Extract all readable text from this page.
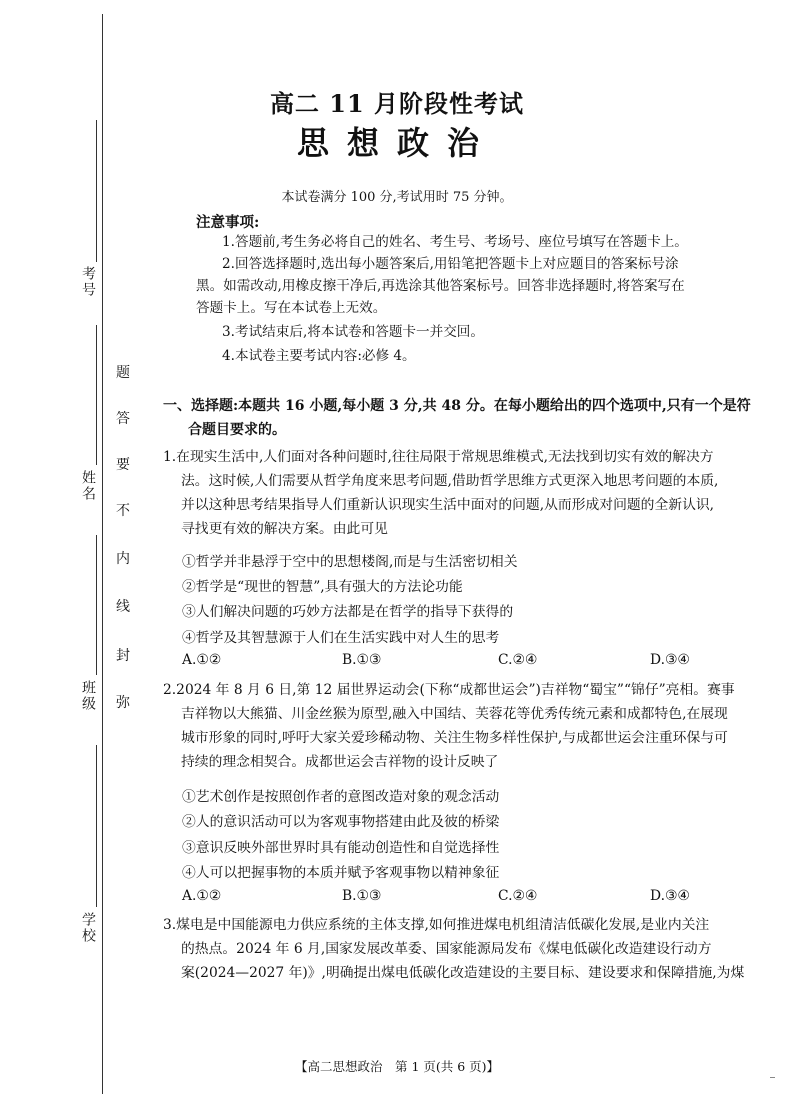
考号
姓名
班级
学校
题
答
要
不
内
线
封
弥
高二 11 月阶段性考试
思想政治
本试卷满分 100 分,考试用时 75 分钟。
注意事项:
1.答题前,考生务必将自己的姓名、考生号、考场号、座位号填写在答题卡上。
2.回答选择题时,选出每小题答案后,用铅笔把答题卡上对应题目的答案标号涂
黑。如需改动,用橡皮擦干净后,再选涂其他答案标号。回答非选择题时,将答案写在
答题卡上。写在本试卷上无效。
3.考试结束后,将本试卷和答题卡一并交回。
4.本试卷主要考试内容:必修 4。
一、选择题:本题共 16 小题,每小题 3 分,共 48 分。在每小题给出的四个选项中,只有一个是符
合题目要求的。
1.在现实生活中,人们面对各种问题时,往往局限于常规思维模式,无法找到切实有效的解决方
法。这时候,人们需要从哲学角度来思考问题,借助哲学思维方式更深入地思考问题的本质,
并以这种思考结果指导人们重新认识现实生活中面对的问题,从而形成对问题的全新认识,
寻找更有效的解决方案。由此可见
①哲学并非悬浮于空中的思想楼阁,而是与生活密切相关
②哲学是“现世的智慧”,具有强大的方法论功能
③人们解决问题的巧妙方法都是在哲学的指导下获得的
④哲学及其智慧源于人们在生活实践中对人生的思考
A.①②	B.①③	C.②④	D.③④
2.2024 年 8 月 6 日,第 12 届世界运动会(下称“成都世运会”)吉祥物“蜀宝”“锦仔”亮相。赛事
吉祥物以大熊猫、川金丝猴为原型,融入中国结、芙蓉花等优秀传统元素和成都特色,在展现
城市形象的同时,呼吁大家关爱珍稀动物、关注生物多样性保护,与成都世运会注重环保与可
持续的理念相契合。成都世运会吉祥物的设计反映了
①艺术创作是按照创作者的意图改造对象的观念活动
②人的意识活动可以为客观事物搭建由此及彼的桥梁
③意识反映外部世界时具有能动创造性和自觉选择性
④人可以把握事物的本质并赋予客观事物以精神象征
A.①②	B.①③	C.②④	D.③④
3.煤电是中国能源电力供应系统的主体支撑,如何推进煤电机组清洁低碳化发展,是业内关注
的热点。2024 年 6 月,国家发展改革委、国家能源局发布《煤电低碳化改造建设行动方
案(2024—2027 年)》,明确提出煤电低碳化改造建设的主要目标、建设要求和保障措施,为煤
【高二思想政治　第 1 页(共 6 页)】
